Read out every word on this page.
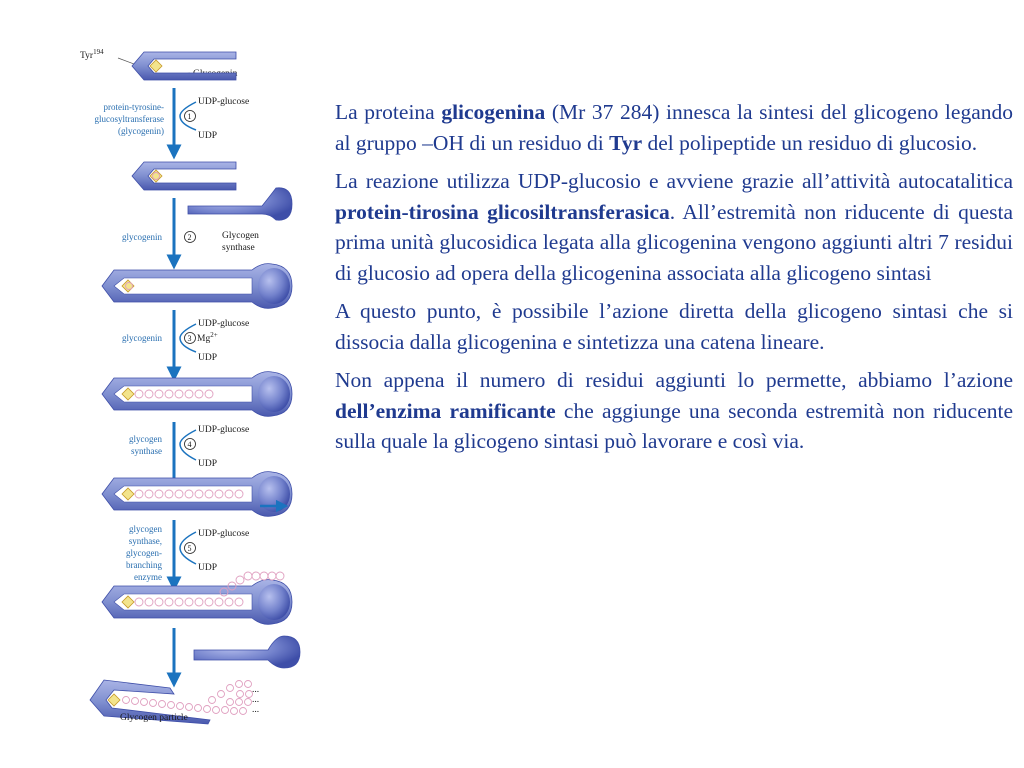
Tyr$^{194}$
1
UDP-glucose
UDP
protein-tyrosine-
glucosyltransferase
(glycogenin)
2
glycogenin	Glycogen
synthase
3
UDP-glucose
$Mg^{2+}$
UDP
glycogenin
4
UDP-glucose
UDP
glycogen
synthase
5
UDP-glucose
UDP
glycogen
synthase,
glycogen-
branching
enzyme
...
...
...
Glycogen particle

La proteina glicogenina (Mr 37 284) innesca la sintesi del glicogeno legando al gruppo –OH di un residuo di Tyr del polipeptide un residuo di glucosio.

La reazione utilizza UDP-glucosio e avviene grazie all’attività autocatalitica protein-tirosina glicosiltransferasica. All’estremità non riducente di questa prima unità glucosidica legata alla glicogenina vengono aggiunti altri 7 residui di glucosio ad opera della glicogenina associata alla glicogeno sintasi

A questo punto, è possibile l’azione diretta della glicogeno sintasi che si dissocia dalla glicogenina e sintetizza una catena lineare.

Non appena il numero di residui aggiunti lo permette, abbiamo l’azione dell’enzima ramificante che aggiunge una seconda estremità non riducente sulla quale la glicogeno sintasi può lavorare e così via.
